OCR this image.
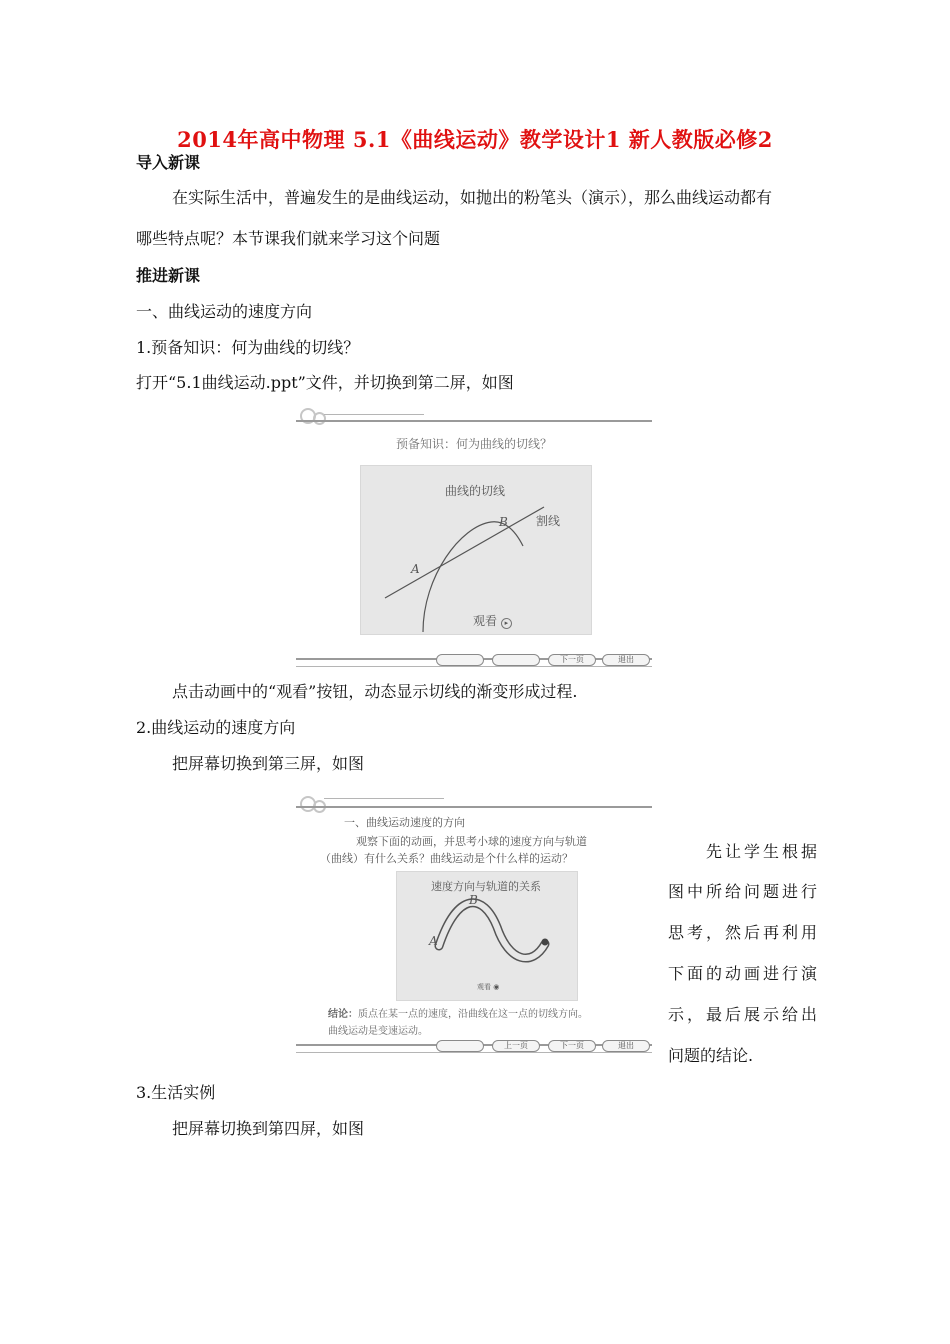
2014年高中物理 5.1《曲线运动》教学设计1 新人教版必修2
导入新课
在实际生活中，普遍发生的是曲线运动，如抛出的粉笔头（演示），那么曲线运动都有
哪些特点呢？本节课我们就来学习这个问题
推进新课
一、曲线运动的速度方向
1.预备知识：何为曲线的切线？
打开“5.1曲线运动.ppt”文件，并切换到第二屏，如图
预备知识：何为曲线的切线？
曲线的切线
A
B 割线
观看 ▸
下一页	退出
点击动画中的“观看”按钮，动态显示切线的渐变形成过程.
2.曲线运动的速度方向
把屏幕切换到第三屏，如图
一、曲线运动速度的方向
观察下面的动画，并思考小球的速度方向与轨道
（曲线）有什么关系？曲线运动是个什么样的运动？
速度方向与轨道的关系
A
B
观看 ◉
结论：质点在某一点的速度，沿曲线在这一点的切线方向。
曲线运动是变速运动。
上一页	下一页	退出
先让学生根据
图中所给问题进行
思考，然后再利用
下面的动画进行演
示，最后展示给出
问题的结论.
3.生活实例
把屏幕切换到第四屏，如图
